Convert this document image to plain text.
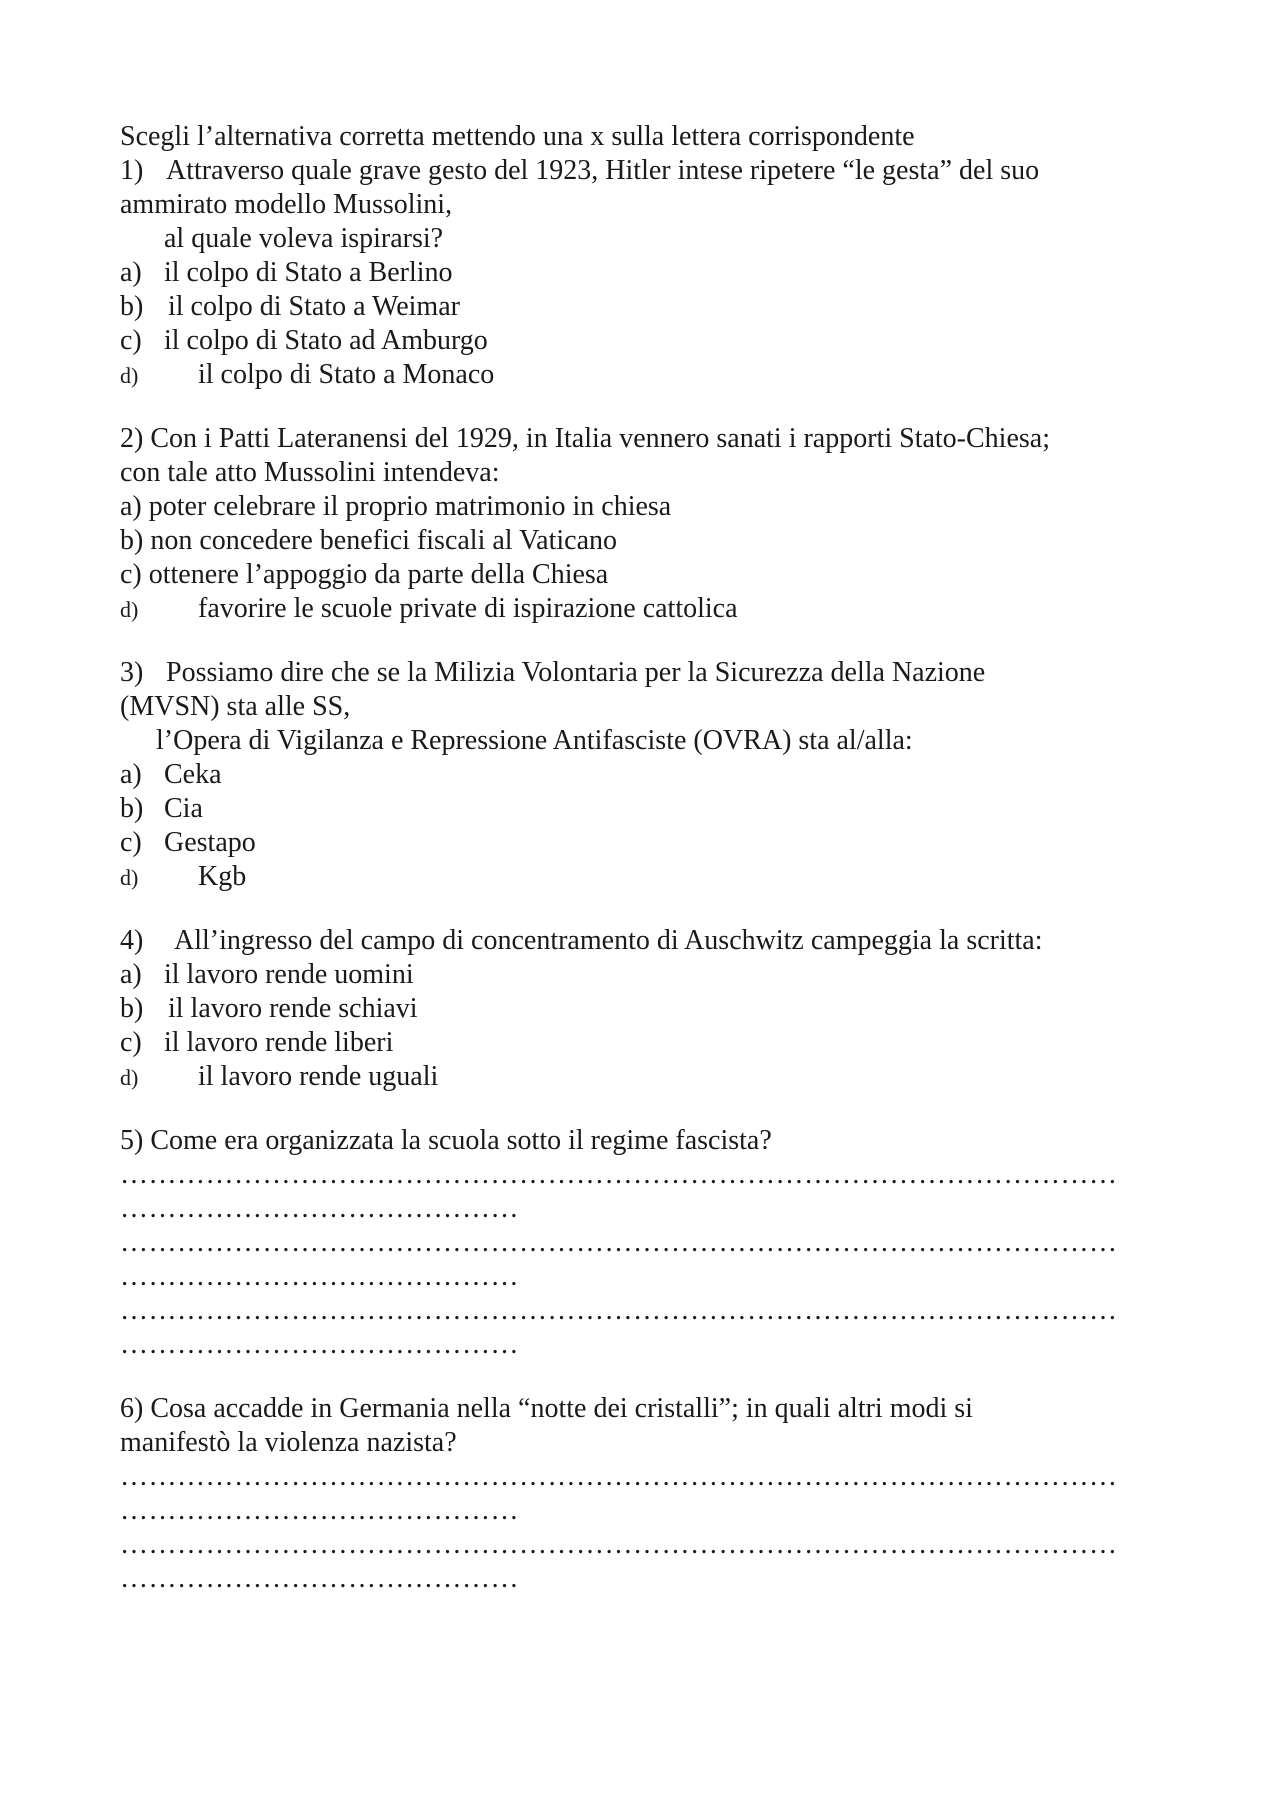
Scegli l’alternativa corretta mettendo una x sulla lettera corrispondente
1) Attraverso quale grave gesto del 1923, Hitler intese ripetere “le gesta” del suo
ammirato modello Mussolini,
al quale voleva ispirarsi?
a) il colpo di Stato a Berlino
b) il colpo di Stato a Weimar
c) il colpo di Stato ad Amburgo
d) il colpo di Stato a Monaco
2) Con i Patti Lateranensi del 1929, in Italia vennero sanati i rapporti Stato-Chiesa;
con tale atto Mussolini intendeva:
a) poter celebrare il proprio matrimonio in chiesa
b) non concedere benefici fiscali al Vaticano
c) ottenere l’appoggio da parte della Chiesa
d) favorire le scuole private di ispirazione cattolica
3) Possiamo dire che se la Milizia Volontaria per la Sicurezza della Nazione
(MVSN) sta alle SS,
l’Opera di Vigilanza e Repressione Antifasciste (OVRA) sta al/alla:
a) Ceka
b) Cia
c) Gestapo
d) Kgb
4) All’ingresso del campo di concentramento di Auschwitz campeggia la scritta:
a) il lavoro rende uomini
b) il lavoro rende schiavi
c) il lavoro rende liberi
d) il lavoro rende uguali
5) Come era organizzata la scuola sotto il regime fascista?
……………………………………………………………………………………………
……………………………………
……………………………………………………………………………………………
……………………………………
……………………………………………………………………………………………
……………………………………
6) Cosa accadde in Germania nella “notte dei cristalli”; in quali altri modi si
manifestò la violenza nazista?
……………………………………………………………………………………………
……………………………………
……………………………………………………………………………………………
……………………………………
